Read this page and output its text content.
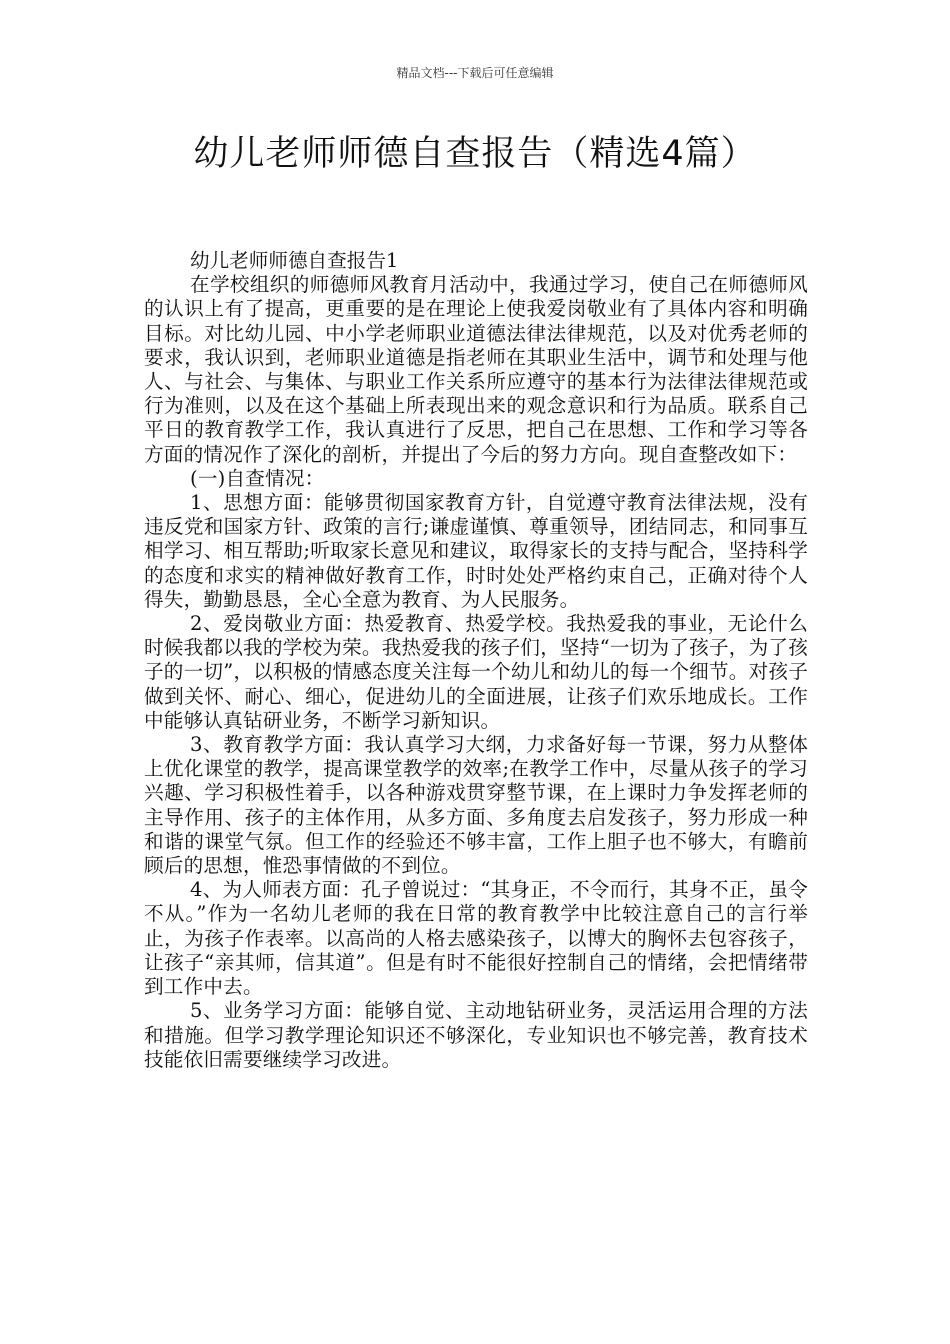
精品文档---下载后可任意编辑
幼儿老师师德自查报告（精选4篇）
幼儿老师师德自查报告1

在学校组织的师德师风教育月活动中，我通过学习，使自己在师德师风的认识上有了提高，更重要的是在理论上使我爱岗敬业有了具体内容和明确目标。对比幼儿园、中小学老师职业道德法律法律规范，以及对优秀老师的要求，我认识到，老师职业道德是指老师在其职业生活中，调节和处理与他人、与社会、与集体、与职业工作关系所应遵守的基本行为法律法律规范或行为准则，以及在这个基础上所表现出来的观念意识和行为品质。联系自己平日的教育教学工作，我认真进行了反思，把自己在思想、工作和学习等各方面的情况作了深化的剖析，并提出了今后的努力方向。现自查整改如下：

(一)自查情况：

1、思想方面：能够贯彻国家教育方针，自觉遵守教育法律法规，没有违反党和国家方针、政策的言行;谦虚谨慎、尊重领导，团结同志，和同事互相学习、相互帮助;听取家长意见和建议，取得家长的支持与配合，坚持科学的态度和求实的精神做好教育工作，时时处处严格约束自己，正确对待个人得失，勤勤恳恳，全心全意为教育、为人民服务。

2、爱岗敬业方面：热爱教育、热爱学校。我热爱我的事业，无论什么时候我都以我的学校为荣。我热爱我的孩子们，坚持“一切为了孩子，为了孩子的一切”，以积极的情感态度关注每一个幼儿和幼儿的每一个细节。对孩子做到关怀、耐心、细心，促进幼儿的全面进展，让孩子们欢乐地成长。工作中能够认真钻研业务，不断学习新知识。

3、教育教学方面：我认真学习大纲，力求备好每一节课，努力从整体上优化课堂的教学，提高课堂教学的效率;在教学工作中，尽量从孩子的学习兴趣、学习积极性着手，以各种游戏贯穿整节课，在上课时力争发挥老师的主导作用、孩子的主体作用，从多方面、多角度去启发孩子，努力形成一种和谐的课堂气氛。但工作的经验还不够丰富，工作上胆子也不够大，有瞻前顾后的思想，惟恐事情做的不到位。

4、为人师表方面：孔子曾说过：“其身正，不令而行，其身不正，虽令不从。”作为一名幼儿老师的我在日常的教育教学中比较注意自己的言行举止，为孩子作表率。以高尚的人格去感染孩子，以博大的胸怀去包容孩子，让孩子“亲其师，信其道”。但是有时不能很好控制自己的情绪，会把情绪带到工作中去。

5、业务学习方面：能够自觉、主动地钻研业务，灵活运用合理的方法和措施。但学习教学理论知识还不够深化，专业知识也不够完善，教育技术技能依旧需要继续学习改进。
